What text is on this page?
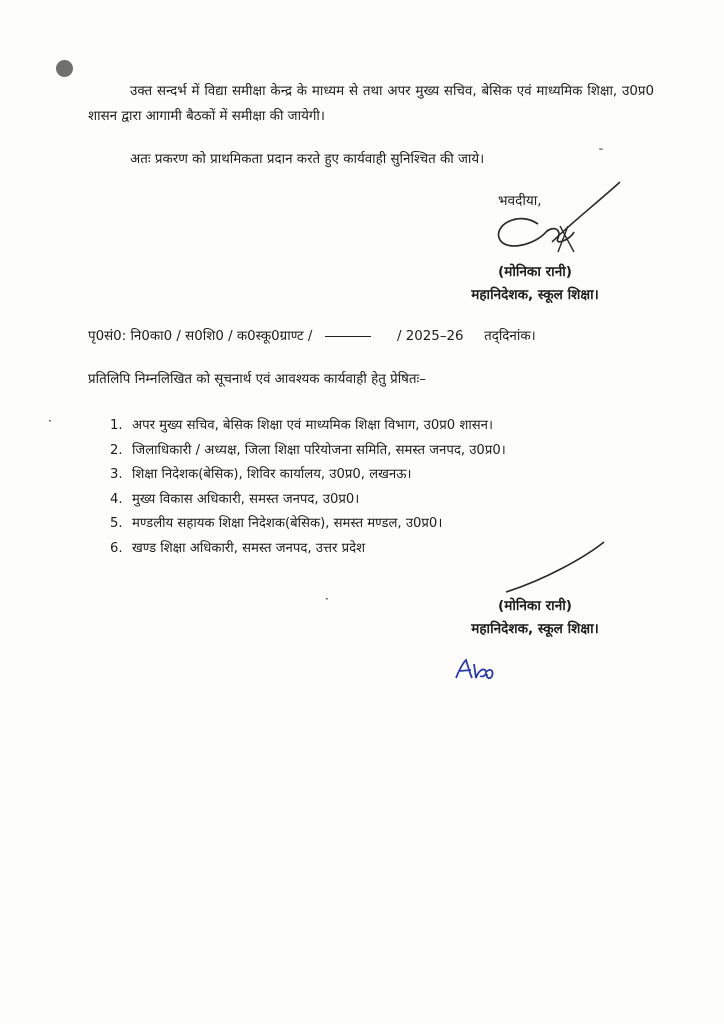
उक्त सन्दर्भ में विद्या समीक्षा केन्द्र के माध्यम से तथा अपर मुख्य सचिव, बेसिक एवं माध्यमिक शिक्षा, उ0प्र0 शासन द्वारा आगामी बैठकों में समीक्षा की जायेगी।

अतः प्रकरण को प्राथमिकता प्रदान करते हुए कार्यवाही सुनिश्चित की जाये।	ˉ
·
·
भवदीया,
(मोनिका रानी)
महानिदेशक, स्कूल शिक्षा।
पृ0सं0: नि0का0 / स0शि0 / क0स्कू0ग्राण्ट /	/ 2025–26 तद्‌दिनांक।
प्रतिलिपि निम्नलिखित को सूचनार्थ एवं आवश्यक कार्यवाही हेतु प्रेषितः–
1. अपर मुख्य सचिव, बेसिक शिक्षा एवं माध्यमिक शिक्षा विभाग, उ0प्र0 शासन।
2. जिलाधिकारी / अध्यक्ष, जिला शिक्षा परियोजना समिति, समस्त जनपद, उ0प्र0।
3. शिक्षा निदेशक(बेसिक), शिविर कार्यालय, उ0प्र0, लखनऊ।
4. मुख्य विकास अधिकारी, समस्त जनपद, उ0प्र0।
5. मण्डलीय सहायक शिक्षा निदेशक(बेसिक), समस्त मण्डल, उ0प्र0।
6. खण्ड शिक्षा अधिकारी, समस्त जनपद, उत्तर प्रदेश
(मोनिका रानी)
महानिदेशक, स्कूल शिक्षा।
